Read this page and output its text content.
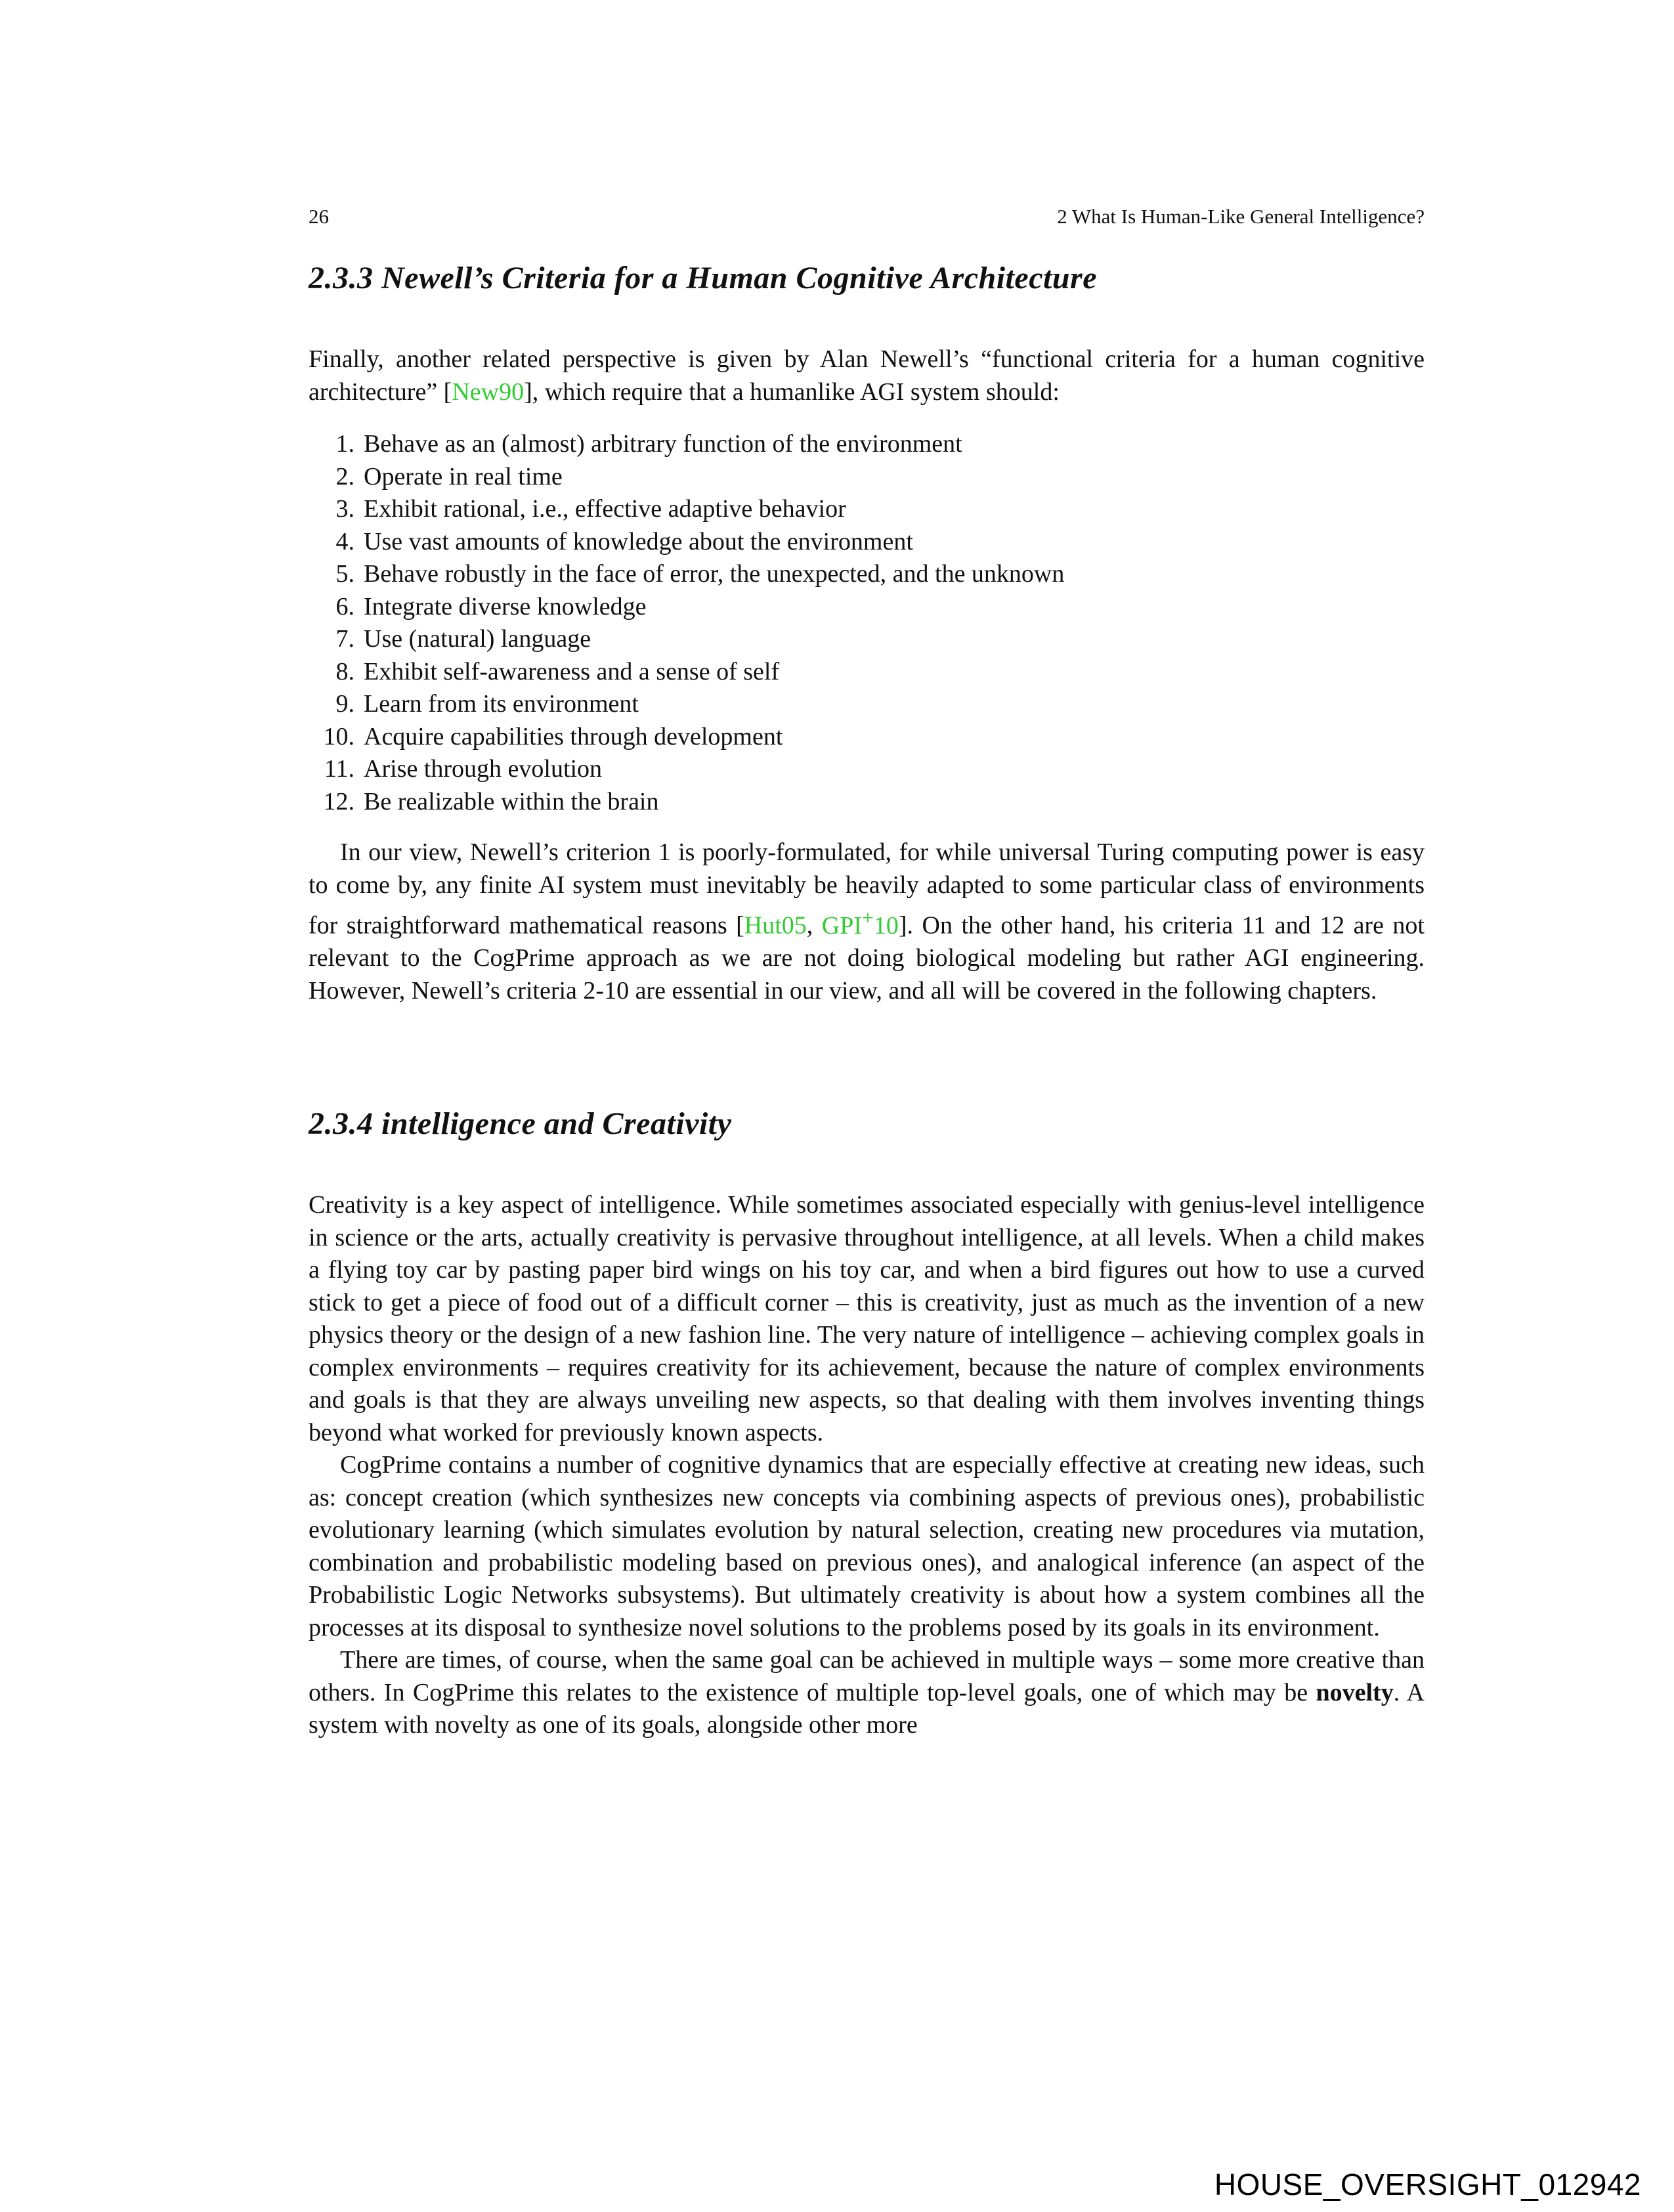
26	2 What Is Human-Like General Intelligence?
2.3.3 Newell’s Criteria for a Human Cognitive Architecture

Finally, another related perspective is given by Alan Newell’s “functional criteria for a human cognitive architecture” [New90], which require that a humanlike AGI system should:

1. Behave as an (almost) arbitrary function of the environment
2. Operate in real time
3. Exhibit rational, i.e., effective adaptive behavior
4. Use vast amounts of knowledge about the environment
5. Behave robustly in the face of error, the unexpected, and the unknown
6. Integrate diverse knowledge
7. Use (natural) language
8. Exhibit self-awareness and a sense of self
9. Learn from its environment
10. Acquire capabilities through development
11. Arise through evolution
12. Be realizable within the brain

In our view, Newell’s criterion 1 is poorly-formulated, for while universal Turing computing power is easy to come by, any finite AI system must inevitably be heavily adapted to some particular class of environments for straightforward mathematical reasons [Hut05, GPI+10]. On the other hand, his criteria 11 and 12 are not relevant to the CogPrime approach as we are not doing biological modeling but rather AGI engineering. However, Newell’s criteria 2-10 are essential in our view, and all will be covered in the following chapters.

2.3.4 intelligence and Creativity

Creativity is a key aspect of intelligence. While sometimes associated especially with genius-level intelligence in science or the arts, actually creativity is pervasive throughout intelligence, at all levels. When a child makes a flying toy car by pasting paper bird wings on his toy car, and when a bird figures out how to use a curved stick to get a piece of food out of a difficult corner – this is creativity, just as much as the invention of a new physics theory or the design of a new fashion line. The very nature of intelligence – achieving complex goals in complex environments – requires creativity for its achievement, because the nature of complex environments and goals is that they are always unveiling new aspects, so that dealing with them involves inventing things beyond what worked for previously known aspects.

CogPrime contains a number of cognitive dynamics that are especially effective at creating new ideas, such as: concept creation (which synthesizes new concepts via combining aspects of previous ones), probabilistic evolutionary learning (which simulates evolution by natural selection, creating new procedures via mutation, combination and probabilistic modeling based on previous ones), and analogical inference (an aspect of the Probabilistic Logic Networks subsystems). But ultimately creativity is about how a system combines all the processes at its disposal to synthesize novel solutions to the problems posed by its goals in its environment.

There are times, of course, when the same goal can be achieved in multiple ways – some more creative than others. In CogPrime this relates to the existence of multiple top-level goals, one of which may be novelty. A system with novelty as one of its goals, alongside other more

HOUSE_OVERSIGHT_012942
